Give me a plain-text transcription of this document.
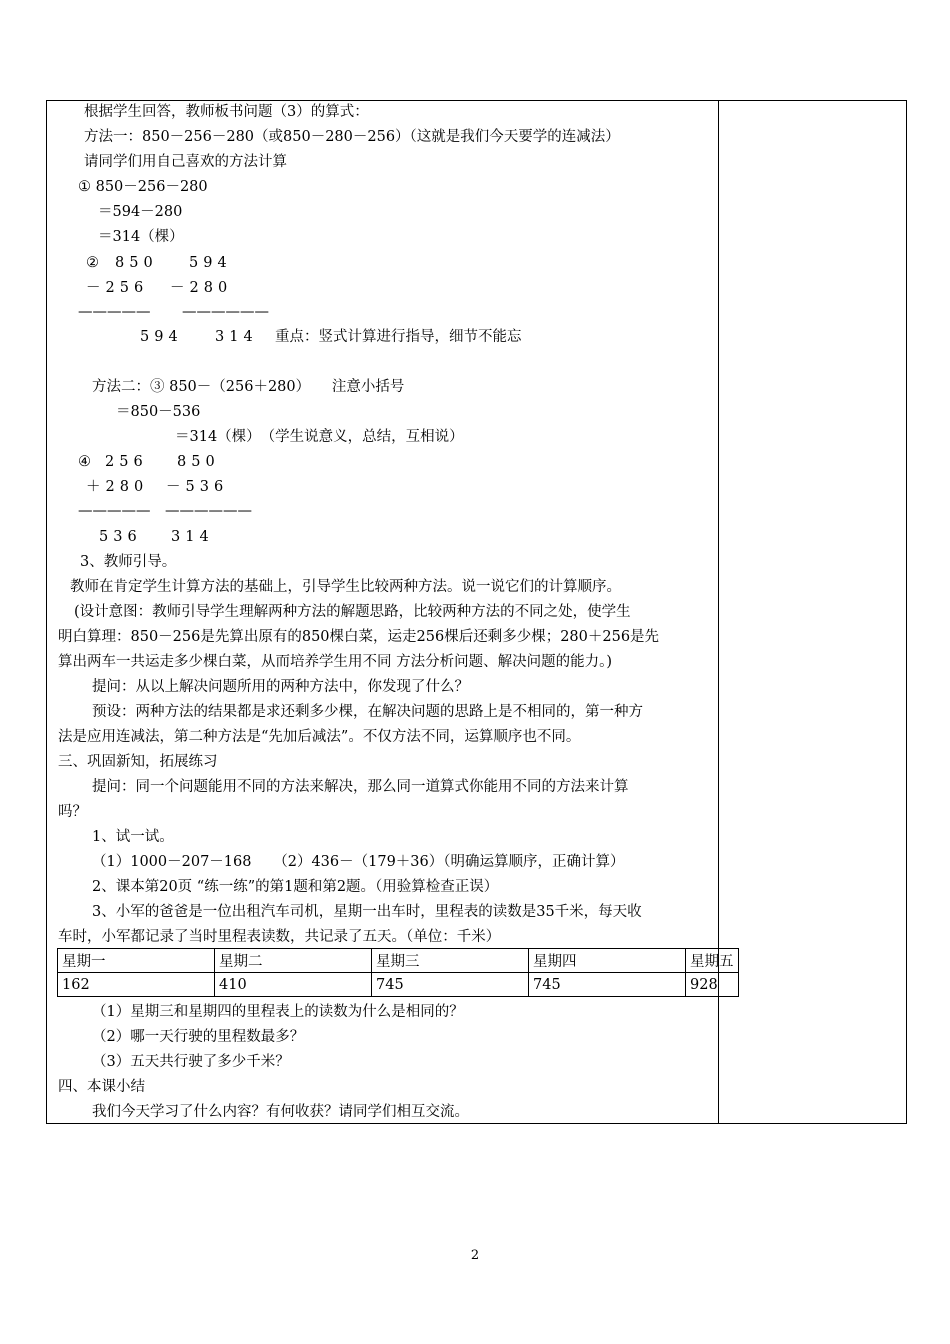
根据学生回答，教师板书问题（3）的算式：
方法一：850－256－280（或850－280－256）（这就是我们今天要学的连减法）
请同学们用自己喜欢的方法计算
① 850－256－280
＝594－280
＝314（棵）
② 850 594
－256 －280
————— ——————
594 314 重点：竖式计算进行指导，细节不能忘
方法二：③ 850－（256＋280）　　注意小括号
＝850－536
＝314（棵）　（学生说意义，总结，互相说）
④ 256 850
＋280 －536
————— ——————
536 314
3、教师引导。
教师在肯定学生计算方法的基础上，引导学生比较两种方法。说一说它们的计算顺序。
(设计意图：教师引导学生理解两种方法的解题思路，比较两种方法的不同之处，使学生
明白算理：850－256是先算出原有的850棵白菜，运走256棵后还剩多少棵；280＋256是先
算出两车一共运走多少棵白菜，从而培养学生用不同 方法分析问题、解决问题的能力。)
提问：从以上解决问题所用的两种方法中，你发现了什么？
预设：两种方法的结果都是求还剩多少棵，在解决问题的思路上是不相同的，第一种方
法是应用连减法，第二种方法是“先加后减法”。不仅方法不同，运算顺序也不同。
三、巩固新知，拓展练习
提问：同一个问题能用不同的方法来解决，那么同一道算式你能用不同的方法来计算
吗？
1、试一试。
（1）1000－207－168　　（2）436－（179＋36）（明确运算顺序，正确计算）
2、课本第20页 “练一练”的第1题和第2题。（用验算检查正误）
3、小军的爸爸是一位出租汽车司机，星期一出车时，里程表的读数是35千米，每天收
车时，小军都记录了当时里程表读数，共记录了五天。（单位：千米）
星期一	星期二	星期三	星期四	星期五
162	410	745	745	928
（1）星期三和星期四的里程表上的读数为什么是相同的？
（2）哪一天行驶的里程数最多？
（3）五天共行驶了多少千米？
四、本课小结
我们今天学习了什么内容？有何收获？请同学们相互交流。
2
